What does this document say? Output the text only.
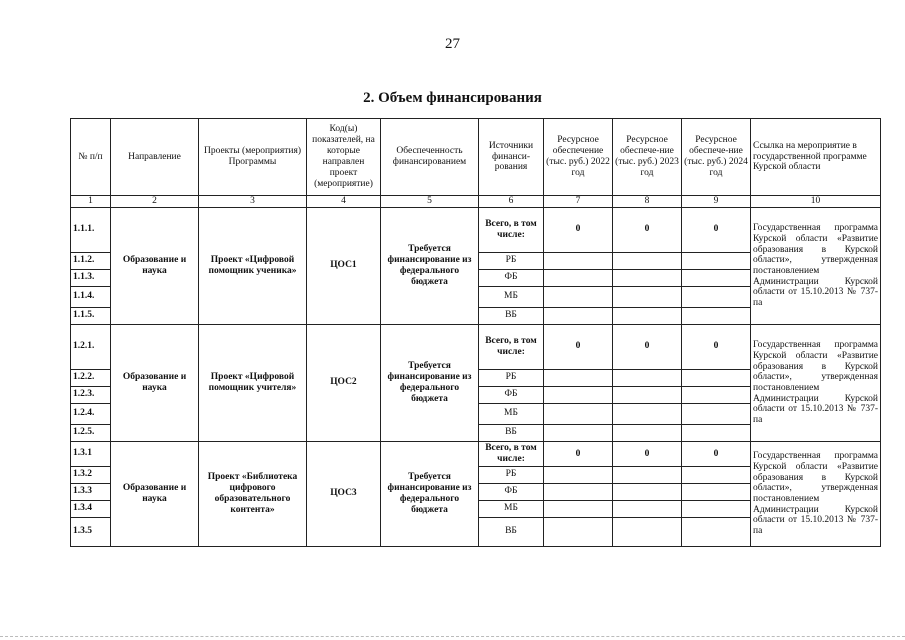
27
2. Объем финансирования
№ п/п	Направление	Проекты (мероприятия) Программы	Код(ы) показателей, на которые направлен проект (мероприятие)	Обеспеченность финансированием	Источники финанси-рования	Ресурсное обеспечение (тыс. руб.) 2022 год	Ресурсное обеспече-ние (тыс. руб.) 2023 год	Ресурсное обеспече-ние (тыс. руб.) 2024 год	Ссылка на мероприятие в государственной программе Курской области
1	2	3	4	5	6	7	8	9	10
1.1.1.	Образование и наука	Проект «Цифровой помощник ученика»	ЦОС1	Требуется финансирование из федерального бюджета	Всего, в том числе:	0	0	0	Государственная программа Курской области «Развитие образования в Курской области», утвержденная постановлением Администрации Курской области от 15.10.2013 № 737-па
1.1.2.					РБ				
1.1.3.					ФБ				
1.1.4.					МБ				
1.1.5.					ВБ				
1.2.1.	Образование и наука	Проект «Цифровой помощник учителя»	ЦОС2	Требуется финансирование из федерального бюджета	Всего, в том числе:	0	0	0	Государственная программа Курской области «Развитие образования в Курской области», утвержденная постановлением Администрации Курской области от 15.10.2013 № 737-па
1.2.2.					РБ				
1.2.3.					ФБ				
1.2.4.					МБ				
1.2.5.					ВБ				
1.3.1	Образование и наука	Проект «Библиотека цифрового образовательного контента»	ЦОС3	Требуется финансирование из федерального бюджета	Всего, в том числе:	0	0	0	Государственная программа Курской области «Развитие образования в Курской области», утвержденная постановлением Администрации Курской области от 15.10.2013 № 737-па
1.3.2					РБ				
1.3.3					ФБ				
1.3.4					МБ				
1.3.5					ВБ				
